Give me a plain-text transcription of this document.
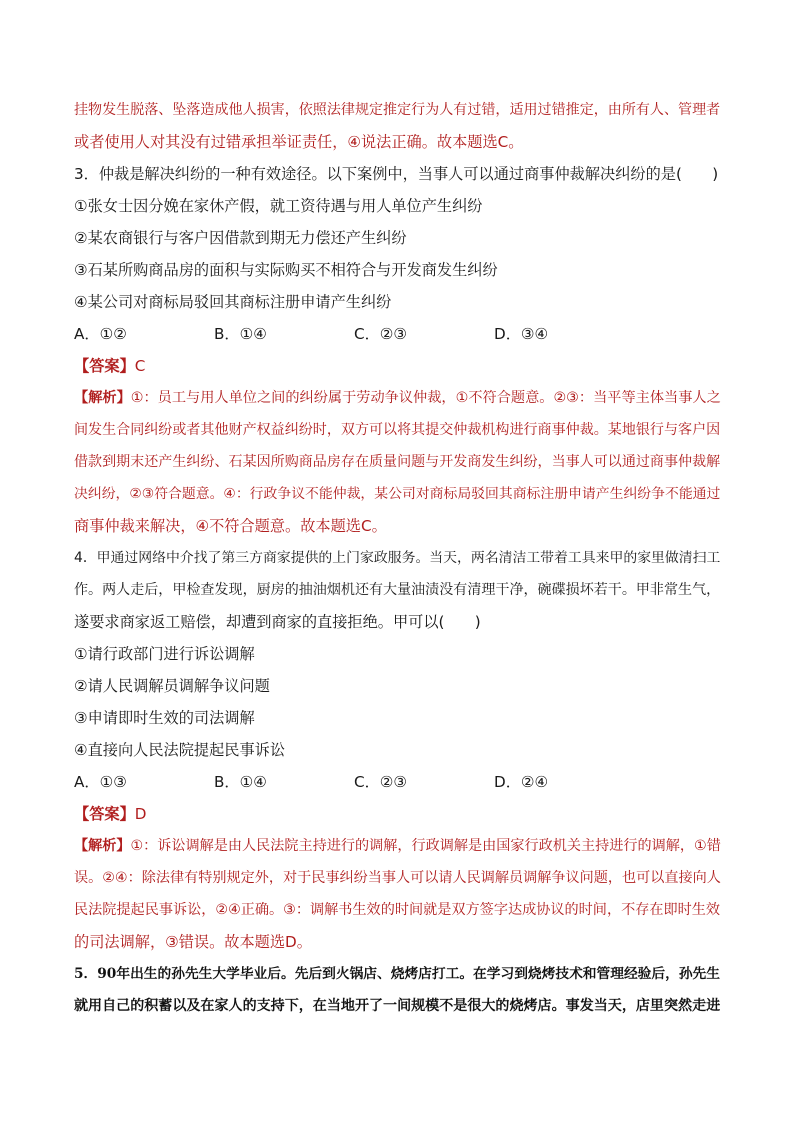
挂物发生脱落、坠落造成他人损害，依照法律规定推定行为人有过错，适用过错推定，由所有人、管理者
或者使用人对其没有过错承担举证责任，④说法正确。故本题选C。
3．仲裁是解决纠纷的一种有效途径。以下案例中，当事人可以通过商事仲裁解决纠纷的是(　　)
①张女士因分娩在家休产假，就工资待遇与用人单位产生纠纷
②某农商银行与客户因借款到期无力偿还产生纠纷
③石某所购商品房的面积与实际购买不相符合与开发商发生纠纷
④某公司对商标局驳回其商标注册申请产生纠纷
A．①②	B．①④	C．②③	D．③④
【答案】C
【解析】①：员工与用人单位之间的纠纷属于劳动争议仲裁，①不符合题意。②③：当平等主体当事人之
间发生合同纠纷或者其他财产权益纠纷时，双方可以将其提交仲裁机构进行商事仲裁。某地银行与客户因
借款到期末还产生纠纷、石某因所购商品房存在质量问题与开发商发生纠纷，当事人可以通过商事仲裁解
决纠纷，②③符合题意。④：行政争议不能仲裁，某公司对商标局驳回其商标注册申请产生纠纷争不能通过
商事仲裁来解决，④不符合题意。故本题选C。
4．甲通过网络中介找了第三方商家提供的上门家政服务。当天，两名清洁工带着工具来甲的家里做清扫工
作。两人走后，甲检查发现，厨房的抽油烟机还有大量油渍没有清理干净，碗碟损坏若干。甲非常生气，
遂要求商家返工赔偿，却遭到商家的直接拒绝。甲可以(　　)
①请行政部门进行诉讼调解
②请人民调解员调解争议问题
③申请即时生效的司法调解
④直接向人民法院提起民事诉讼
A．①③	B．①④	C．②③	D．②④
【答案】D
【解析】①：诉讼调解是由人民法院主持进行的调解，行政调解是由国家行政机关主持进行的调解，①错
误。②④：除法律有特别规定外，对于民事纠纷当事人可以请人民调解员调解争议问题，也可以直接向人
民法院提起民事诉讼，②④正确。③：调解书生效的时间就是双方签字达成协议的时间，不存在即时生效
的司法调解，③错误。故本题选D。
5．90年出生的孙先生大学毕业后。先后到火锅店、烧烤店打工。在学习到烧烤技术和管理经验后，孙先生
就用自己的积蓄以及在家人的支持下，在当地开了一间规模不是很大的烧烤店。事发当天，店里突然走进
